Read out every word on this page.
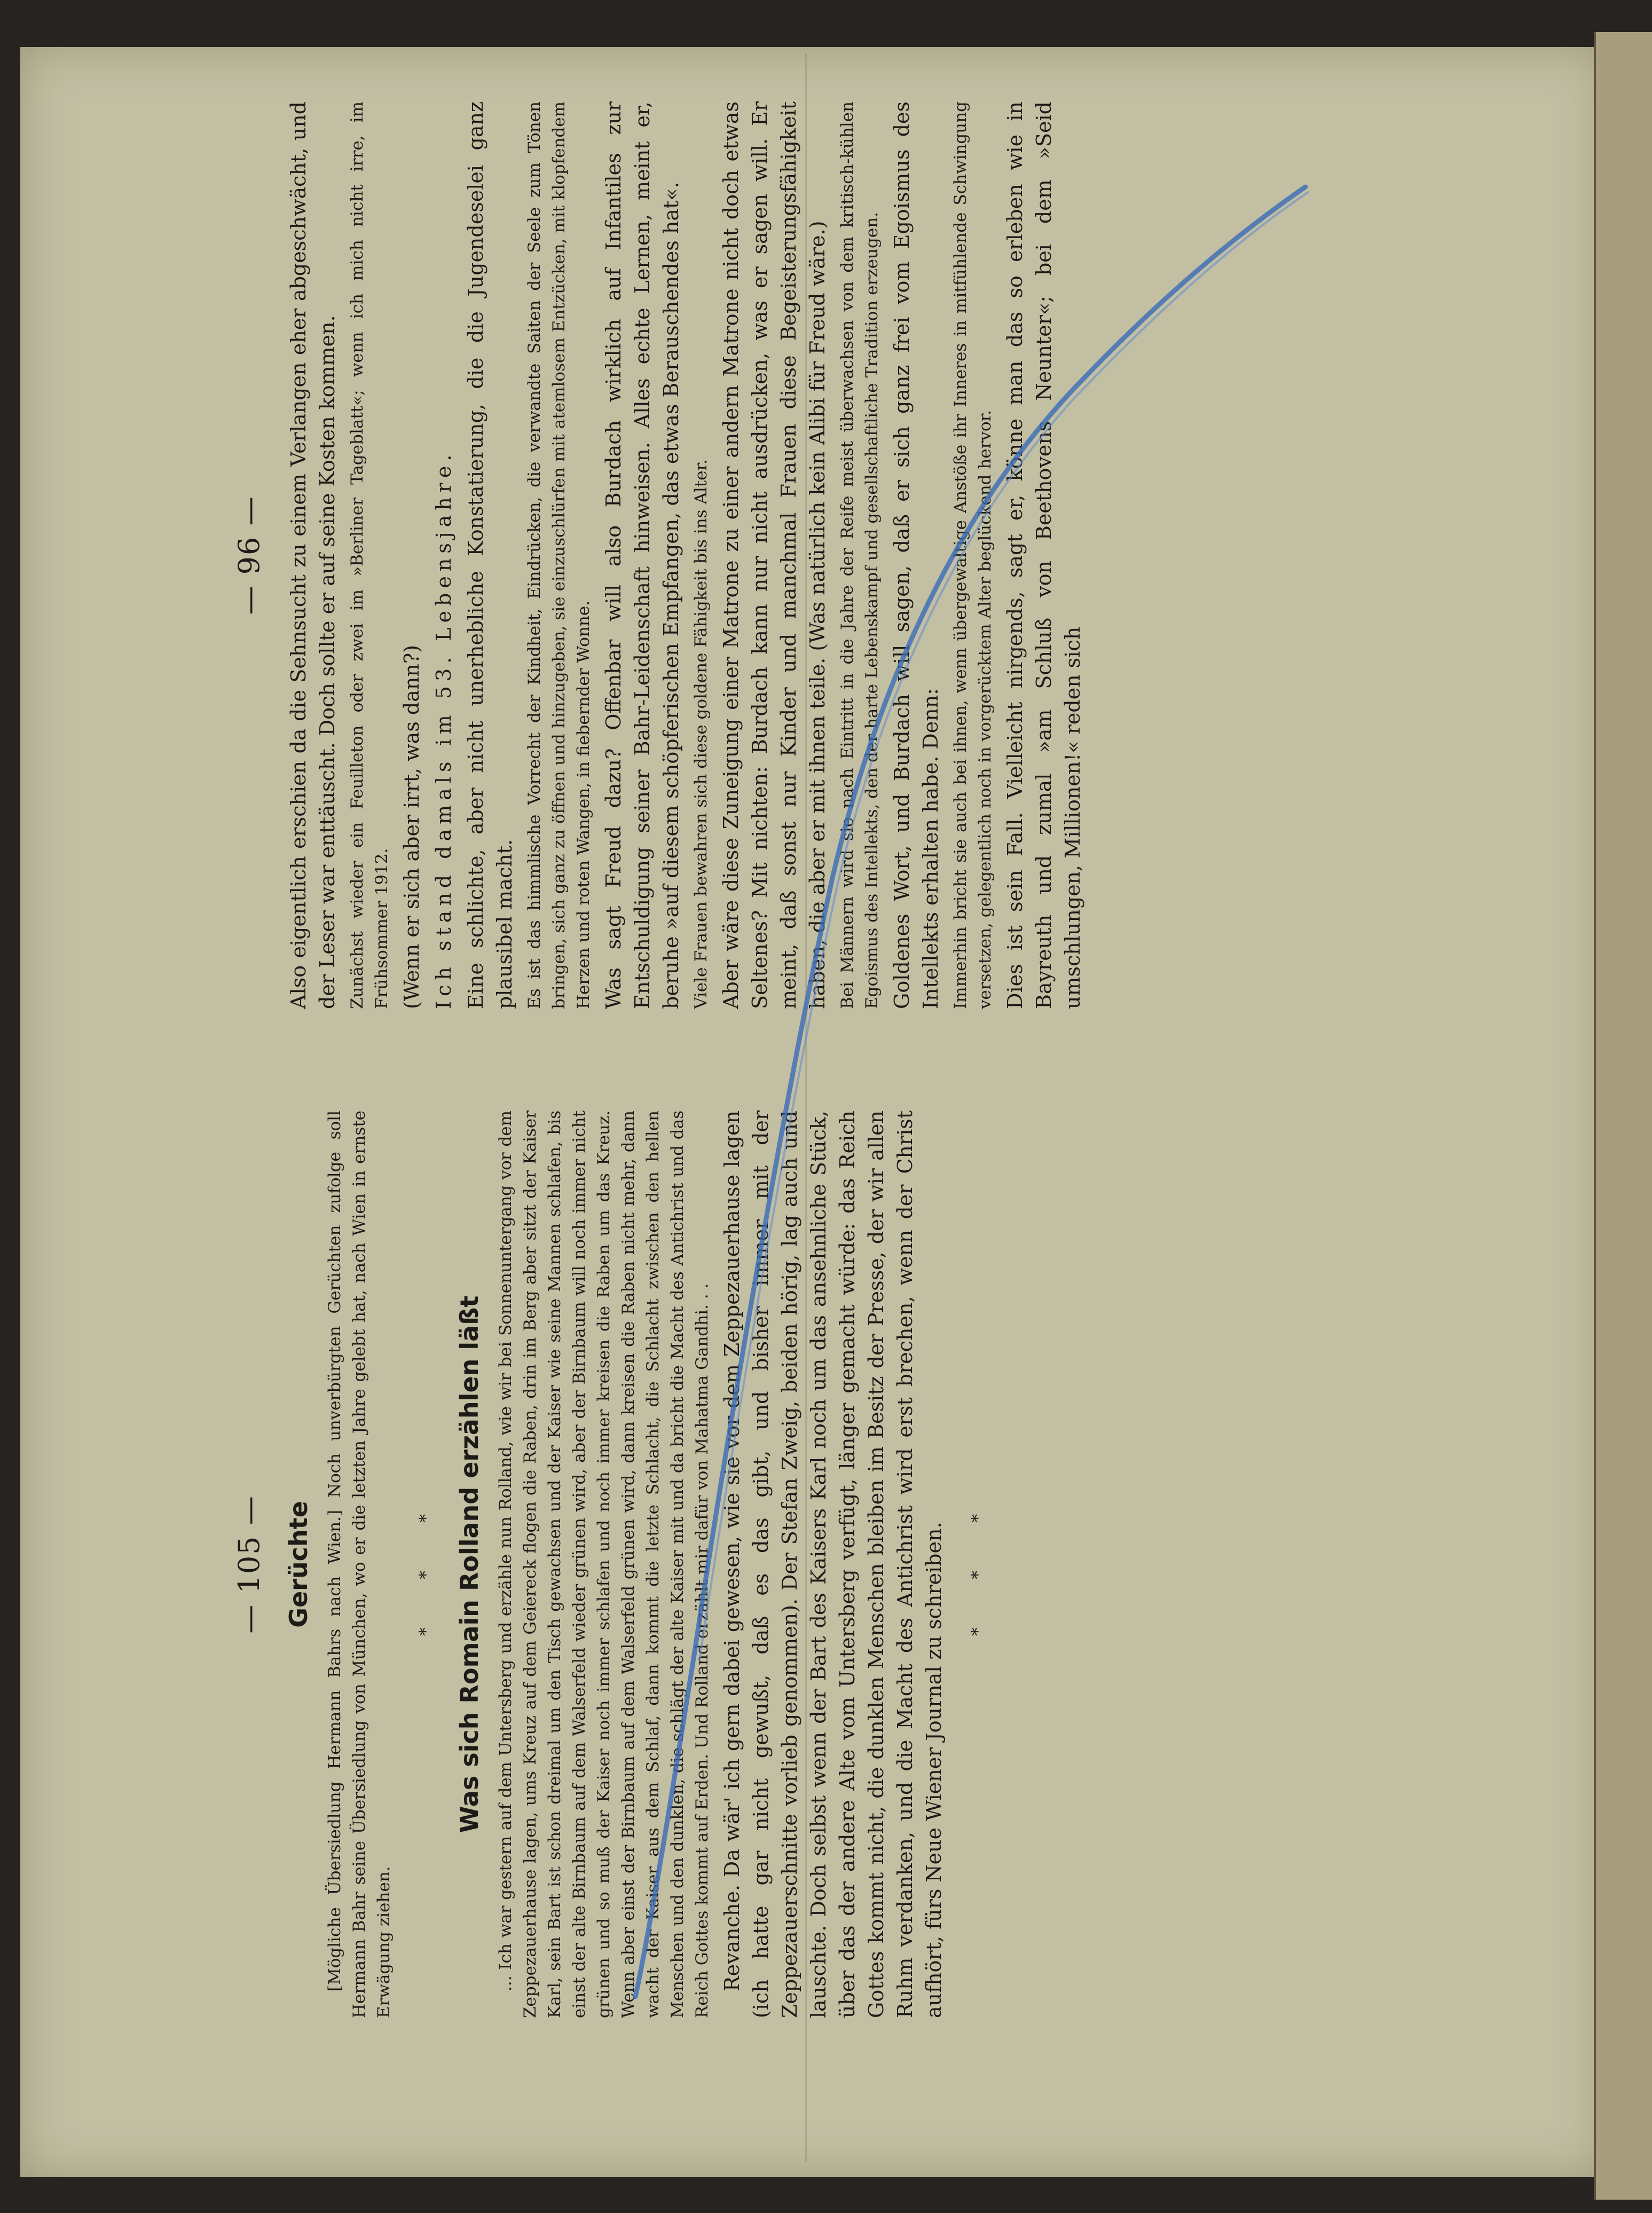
— 96 — Also eigentlich erschien da die Sehnsucht zu einem Verlangen eher abgeschwächt, und der Leser war enttäuscht. Doch sollte er auf seine Kosten kommen. Zunächst wieder ein Feuilleton oder zwei im »Berliner Tageblatt«; wenn ich mich nicht irre, im Frühsommer 1912. (Wenn er sich aber irrt, was dann?) Ich stand damals im 53. Lebensjahre. Eine schlichte, aber nicht unerhebliche Konstatierung, die die Jugendeselei ganz plausibel macht. Es ist das himmlische Vorrecht der Kindheit, Eindrücken, die verwandte Saiten der Seele zum Tönen bringen, sich ganz zu öffnen und hinzugeben, sie einzuschlürfen mit atemlosem Entzücken, mit klopfendem Herzen und roten Wangen, in fiebernder Wonne. Was sagt Freud dazu? Offenbar will also Burdach wirklich auf Infantiles zur Entschuldigung seiner Bahr-Leidenschaft hinweisen. Alles echte Lernen, meint er, beruhe »auf diesem schöpferischen Empfangen, das etwas Berauschendes hat«. Viele Frauen bewahren sich diese goldene Fähigkeit bis ins Alter. Aber wäre diese Zuneigung einer Matrone zu einer andern Matrone nicht doch etwas Seltenes? Mit nichten: Burdach kann nur nicht ausdrücken, was er sagen will. Er meint, daß sonst nur Kinder und manchmal Frauen diese Begeisterungsfähigkeit haben, die aber er mit ihnen teile. (Was natürlich kein Alibi für Freud wäre.) Bei Männern wird sie nach Eintritt in die Jahre der Reife meist überwachsen von dem kritisch-kühlen Egoismus des Intellekts, den der harte Lebenskampf und gesellschaftliche Tradition erzeugen. Goldenes Wort, und Burdach will sagen, daß er sich ganz frei vom Egoismus des Intellekts erhalten habe. Denn: Immerhin bricht sie auch bei ihnen, wenn übergewaltige Anstöße ihr Inneres in mitfühlende Schwingung versetzen, gelegentlich noch in vorgerücktem Alter beglückend hervor. Dies ist sein Fall. Vielleicht nirgends, sagt er, könne man das so erleben wie in Bayreuth und zumal »am Schluß von Beethovens Neunter«; bei dem »Seid umschlungen, Millionen!« reden sich

— 105 — Gerüchte [Mögliche Übersiedlung Hermann Bahrs nach Wien.] Noch unverbürgten Gerüchten zufolge soll Hermann Bahr seine Übersiedlung von München, wo er die letzten Jahre gelebt hat, nach Wien in ernste Erwägung ziehen.

* * * Was sich Romain Rolland erzählen läßt ... Ich war gestern auf dem Untersberg und erzähle nun Rolland, wie wir bei Sonnenuntergang vor dem Zeppezauerhause lagen, ums Kreuz auf dem Geiereck flogen die Raben, drin im Berg aber sitzt der Kaiser Karl, sein Bart ist schon dreimal um den Tisch gewachsen und der Kaiser wie seine Mannen schlafen, bis einst der alte Birnbaum auf dem Walserfeld wieder grünen wird, aber der Birnbaum will noch immer nicht grünen und so muß der Kaiser noch immer schlafen und noch immer kreisen die Raben um das Kreuz. Wenn aber einst der Birnbaum auf dem Walserfeld grünen wird, dann kreisen die Raben nicht mehr, dann wacht der Kaiser aus dem Schlaf, dann kommt die letzte Schlacht, die Schlacht zwischen den hellen Menschen und den dunklen, die schlägt der alte Kaiser mit und da bricht die Macht des Antichrist und das Reich Gottes kommt auf Erden. Und Rolland erzählt mir dafür von Mahatma Gandhi. . . Revanche. Da wär' ich gern dabei gewesen, wie sie vor dem Zeppezauerhause lagen (ich hatte gar nicht gewußt, daß es das gibt, und bisher immer mit der Zeppezauerschnitte vorlieb genommen). Der Stefan Zweig, beiden hörig, lag auch und lauschte. Doch selbst wenn der Bart des Kaisers Karl noch um das ansehnliche Stück, über das der andere Alte vom Untersberg verfügt, länger gemacht würde: das Reich Gottes kommt nicht, die dunklen Menschen bleiben im Besitz der Presse, der wir allen Ruhm verdanken, und die Macht des Antichrist wird erst brechen, wenn der Christ aufhört, fürs Neue Wiener Journal zu schreiben. * * *
